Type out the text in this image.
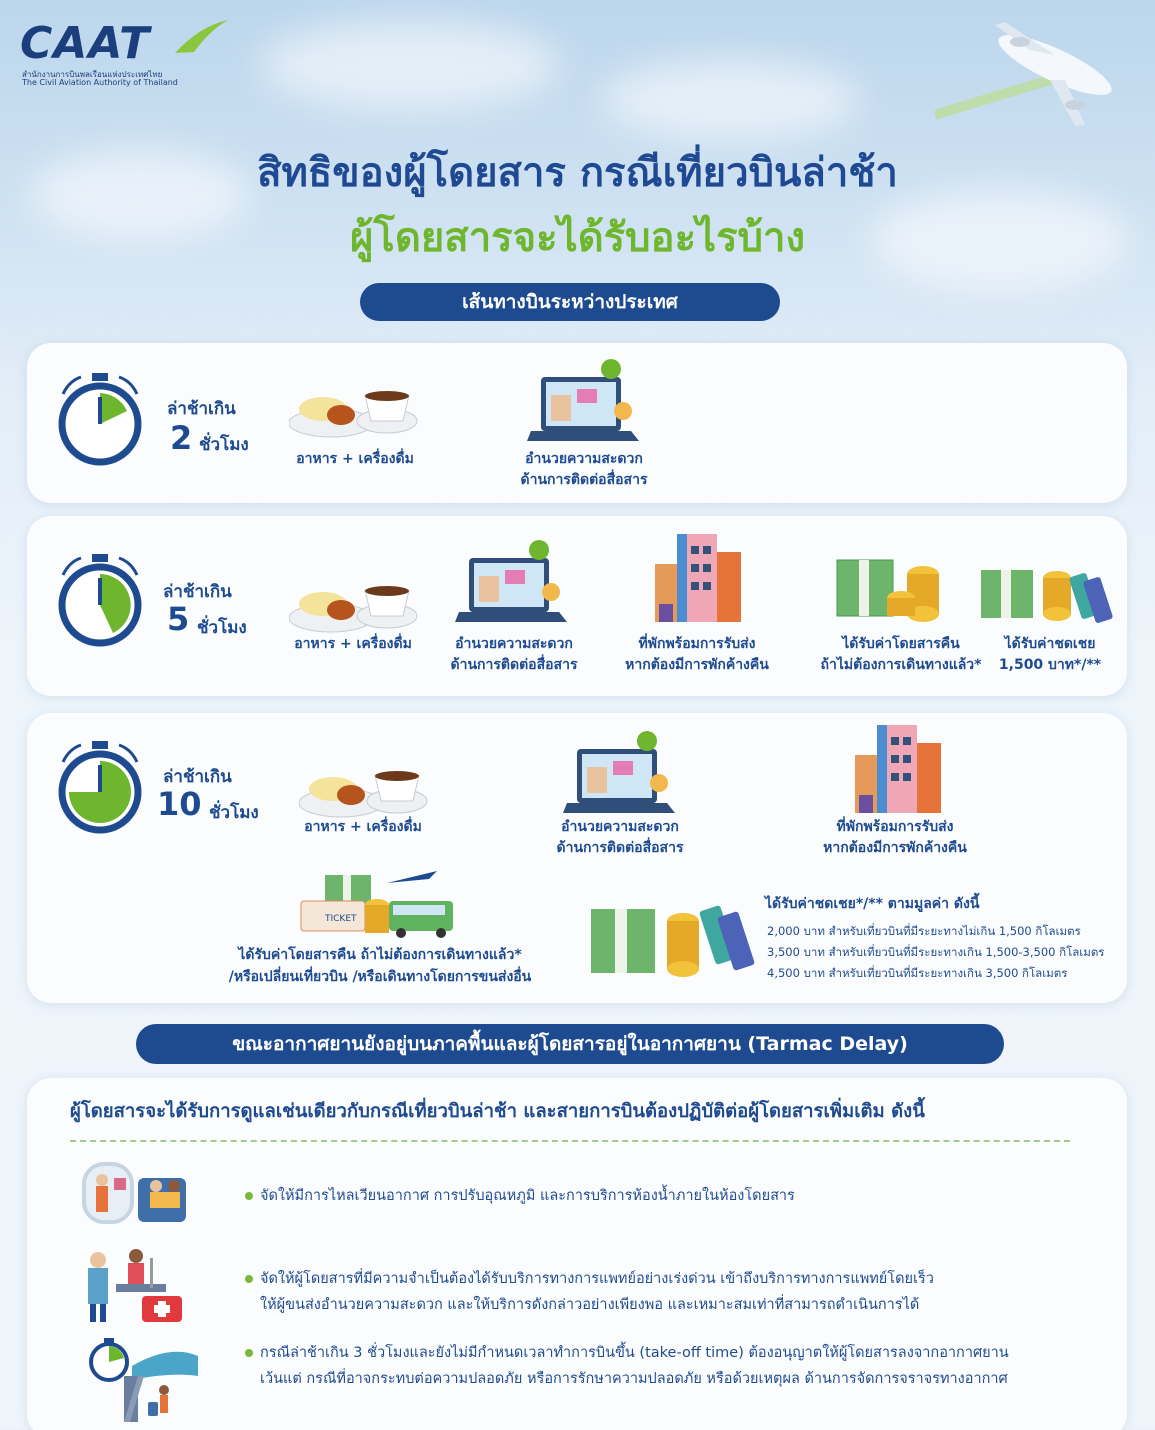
CAAT
สำนักงานการบินพลเรือนแห่งประเทศไทย
The Civil Aviation Authority of Thailand
สิทธิของผู้โดยสาร กรณีเที่ยวบินล่าช้า
ผู้โดยสารจะได้รับอะไรบ้าง
เส้นทางบินระหว่างประเทศ
ล่าช้าเกิน
2 ชั่วโมง
อาหาร + เครื่องดื่ม	อำนวยความสะดวก
ด้านการติดต่อสื่อสาร
ล่าช้าเกิน
5 ชั่วโมง
อาหาร + เครื่องดื่ม	อำนวยความสะดวก
ด้านการติดต่อสื่อสาร
ที่พักพร้อมการรับส่ง
หากต้องมีการพักค้างคืน
ได้รับค่าโดยสารคืน
ถ้าไม่ต้องการเดินทางแล้ว*
ได้รับค่าชดเชย
1,500 บาท*/**
ล่าช้าเกิน
10 ชั่วโมง
อาหาร + เครื่องดื่ม	อำนวยความสะดวก
ด้านการติดต่อสื่อสาร
ที่พักพร้อมการรับส่ง
หากต้องมีการพักค้างคืน
TICKET
ได้รับค่าโดยสารคืน ถ้าไม่ต้องการเดินทางแล้ว*
/หรือเปลี่ยนเที่ยวบิน /หรือเดินทางโดยการขนส่งอื่น
ได้รับค่าชดเชย*/** ตามมูลค่า ดังนี้
2,000 บาท สำหรับเที่ยวบินที่มีระยะทางไม่เกิน 1,500 กิโลเมตร
3,500 บาท สำหรับเที่ยวบินที่มีระยะทางเกิน 1,500-3,500 กิโลเมตร
4,500 บาท สำหรับเที่ยวบินที่มีระยะทางเกิน 3,500 กิโลเมตร
ขณะอากาศยานยังอยู่บนภาคพื้นและผู้โดยสารอยู่ในอากาศยาน (Tarmac Delay)
ผู้โดยสารจะได้รับการดูแลเช่นเดียวกับกรณีเที่ยวบินล่าช้า และสายการบินต้องปฏิบัติต่อผู้โดยสารเพิ่มเติม ดังนี้
จัดให้มีการไหลเวียนอากาศ การปรับอุณหภูมิ และการบริการห้องน้ำภายในห้องโดยสาร
จัดให้ผู้โดยสารที่มีความจำเป็นต้องได้รับบริการทางการแพทย์อย่างเร่งด่วน เข้าถึงบริการทางการแพทย์โดยเร็ว
ให้ผู้ขนส่งอำนวยความสะดวก และให้บริการดังกล่าวอย่างเพียงพอ และเหมาะสมเท่าที่สามารถดำเนินการได้
กรณีล่าช้าเกิน 3 ชั่วโมงและยังไม่มีกำหนดเวลาทำการบินขึ้น (take-off time) ต้องอนุญาตให้ผู้โดยสารลงจากอากาศยาน
เว้นแต่ กรณีที่อาจกระทบต่อความปลอดภัย หรือการรักษาความปลอดภัย หรือด้วยเหตุผล ด้านการจัดการจราจรทางอากาศ
